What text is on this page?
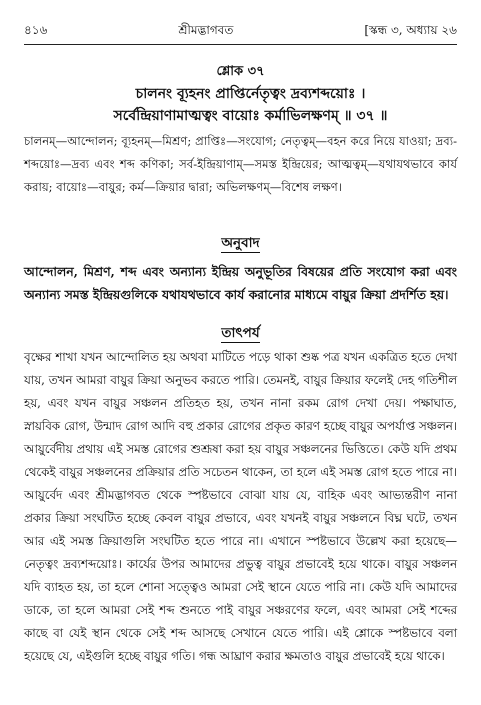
৪১৬	শ্রীমদ্ভাগবত	[স্কন্ধ ৩, অধ্যায় ২৬
শ্লোক ৩৭
চালনং ব্যূহনং প্রাপ্তির্নেতৃত্বং দ্রব্যশব্দয়োঃ ।
সর্বেন্দ্রিয়াণামাত্মত্বং বায়োঃ কর্মাভিলক্ষণম্ ॥ ৩৭ ॥

চালনম্—আন্দোলন; ব্যূহনম্—মিশ্রণ; প্রাপ্তিঃ—সংযোগ; নেতৃত্বম্—বহন করে নিয়ে যাওয়া; দ্রব্য-শব্দয়োঃ—দ্রব্য এবং শব্দ কণিকা; সর্ব-ইন্দ্রিয়াণাম্—সমস্ত ইন্দ্রিয়ের; আত্মত্বম্—যথাযথভাবে কার্য করায়; বায়োঃ—বায়ুর; কর্ম—ক্রিয়ার দ্বারা; অভিলক্ষণম্—বিশেষ লক্ষণ।

অনুবাদ

আন্দোলন, মিশ্রণ, শব্দ এবং অন্যান্য ইন্দ্রিয় অনুভূতির বিষয়ের প্রতি সংযোগ করা এবং অন্যান্য সমস্ত ইন্দ্রিয়গুলিকে যথাযথভাবে কার্য করানোর মাধ্যমে বায়ুর ক্রিয়া প্রদর্শিত হয়।

তাৎপর্য

বৃক্ষের শাখা যখন আন্দোলিত হয় অথবা মাটিতে পড়ে থাকা শুষ্ক পত্র যখন একত্রিত হতে দেখা যায়, তখন আমরা বায়ুর ক্রিয়া অনুভব করতে পারি। তেমনই, বায়ুর ক্রিয়ার ফলেই দেহ গতিশীল হয়, এবং যখন বায়ুর সঞ্চলন প্রতিহত হয়, তখন নানা রকম রোগ দেখা দেয়। পক্ষাঘাত, স্নায়বিক রোগ, উন্মাদ রোগ আদি বহু প্রকার রোগের প্রকৃত কারণ হচ্ছে বায়ুর অপর্যাপ্ত সঞ্চলন। আয়ুর্বেদীয় প্রথায় এই সমস্ত রোগের শুশ্রূষা করা হয় বায়ুর সঞ্চলনের ভিত্তিতে। কেউ যদি প্রথম থেকেই বায়ুর সঞ্চলনের প্রক্রিয়ার প্রতি সচেতন থাকেন, তা হলে এই সমস্ত রোগ হতে পারে না। আয়ুর্বেদ এবং শ্রীমদ্ভাগবত থেকে স্পষ্টভাবে বোঝা যায় যে, বাহিক এবং আভ্যন্তরীণ নানা প্রকার ক্রিয়া সংঘটিত হচ্ছে কেবল বায়ুর প্রভাবে, এবং যখনই বায়ুর সঞ্চলনে বিঘ্ন ঘটে, তখন আর এই সমস্ত ক্রিয়াগুলি সংঘটিত হতে পারে না। এখানে স্পষ্টভাবে উল্লেখ করা হয়েছে—নেতৃত্বং দ্রব্যশব্দয়োঃ। কার্যের উপর আমাদের প্রভুত্ব বায়ুর প্রভাবেই হয়ে থাকে। বায়ুর সঞ্চলন যদি ব্যাহত হয়, তা হলে শোনা সত্ত্বেও আমরা সেই স্থানে যেতে পারি না। কেউ যদি আমাদের ডাকে, তা হলে আমরা সেই শব্দ শুনতে পাই বায়ুর সঞ্চরণের ফলে, এবং আমরা সেই শব্দের কাছে বা যেই স্থান থেকে সেই শব্দ আসছে সেখানে যেতে পারি। এই শ্লোকে স্পষ্টভাবে বলা হয়েছে যে, এইগুলি হচ্ছে বায়ুর গতি। গন্ধ আঘ্রাণ করার ক্ষমতাও বায়ুর প্রভাবেই হয়ে থাকে।
